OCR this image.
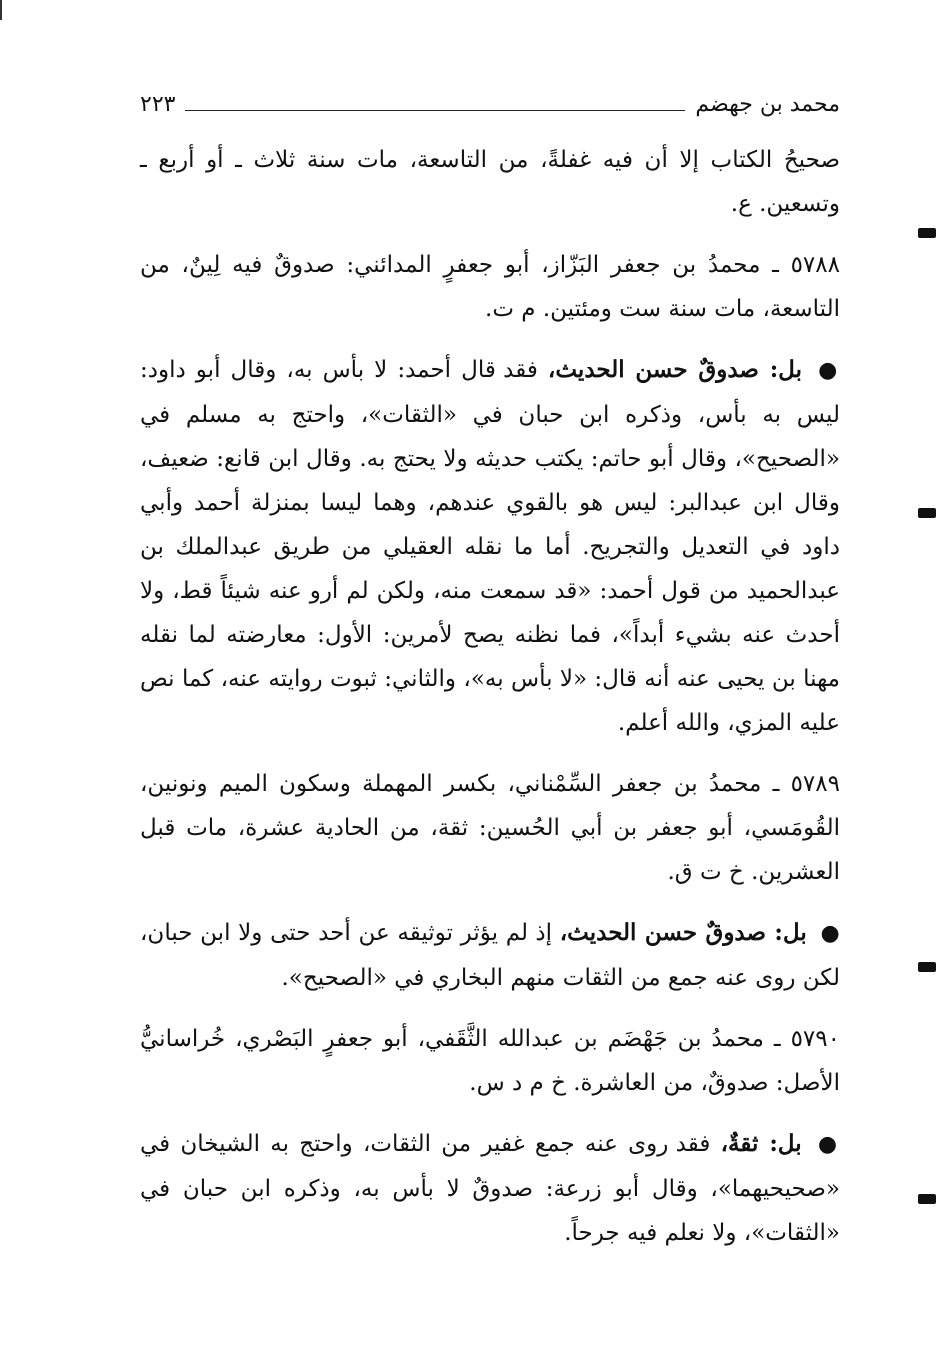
محمد بن جهضم
٢٢٣

صحيحُ الكتاب إلا أن فيه غفلةً، من التاسعة، مات سنة ثلاث ـ أو أربع ـ وتسعين. ع.

٥٧٨٨ ـ محمدُ بن جعفر البَزّاز، أبو جعفرٍ المدائني: صدوقٌ فيه لِينٌ، من التاسعة، مات سنة ست ومئتين. م ت.

● بل: صدوقٌ حسن الحديث، فقد قال أحمد: لا بأس به، وقال أبو داود: ليس به بأس، وذكره ابن حبان في «الثقات»، واحتج به مسلم في «الصحيح»، وقال أبو حاتم: يكتب حديثه ولا يحتج به. وقال ابن قانع: ضعيف، وقال ابن عبدالبر: ليس هو بالقوي عندهم، وهما ليسا بمنزلة أحمد وأبي داود في التعديل والتجريح. أما ما نقله العقيلي من طريق عبدالملك بن عبدالحميد من قول أحمد: «قد سمعت منه، ولكن لم أرو عنه شيئاً قط، ولا أحدث عنه بشيء أبداً»، فما نظنه يصح لأمرين: الأول: معارضته لما نقله مهنا بن يحيى عنه أنه قال: «لا بأس به»، والثاني: ثبوت روايته عنه، كما نص عليه المزي، والله أعلم.

٥٧٨٩ ـ محمدُ بن جعفر السِّمْناني، بكسر المهملة وسكون الميم ونونين، القُومَسي، أبو جعفر بن أبي الحُسين: ثقة، من الحادية عشرة، مات قبل العشرين. خ ت ق.

● بل: صدوقٌ حسن الحديث، إذ لم يؤثر توثيقه عن أحد حتى ولا ابن حبان، لكن روى عنه جمع من الثقات منهم البخاري في «الصحيح».

٥٧٩٠ ـ محمدُ بن جَهْضَم بن عبدالله الثَّقَفي، أبو جعفرٍ البَصْري، خُراسانيُّ الأصل: صدوقٌ، من العاشرة. خ م د س.

● بل: ثقةٌ، فقد روى عنه جمع غفير من الثقات، واحتج به الشيخان في «صحيحيهما»، وقال أبو زرعة: صدوقٌ لا بأس به، وذكره ابن حبان في «الثقات»، ولا نعلم فيه جرحاً.
